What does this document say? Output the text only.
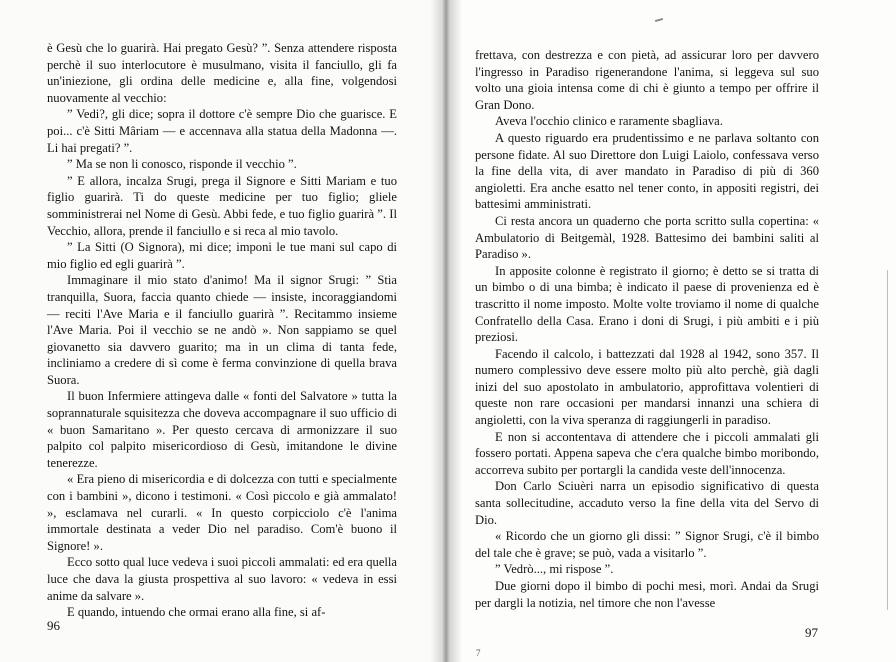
è Gesù che lo guarirà. Hai pregato Gesù? ”. Senza attendere risposta perchè il suo interlocutore è musulmano, visita il fanciullo, gli fa un'iniezione, gli ordina delle medicine e, alla fine, volgendosi nuovamente al vecchio:

” Vedi?, gli dice; sopra il dottore c'è sempre Dio che guarisce. E poi... c'è Sitti Mâriam — e accennava alla statua della Madonna —. Li hai pregati? ”.

” Ma se non li conosco, risponde il vecchio ”.

” E allora, incalza Srugi, prega il Signore e Sitti Mariam e tuo figlio guarirà. Ti do queste medicine per tuo figlio; gliele somministrerai nel Nome di Gesù. Abbi fede, e tuo figlio guarirà ”. Il Vecchio, allora, prende il fanciullo e si reca al mio tavolo.

” La Sitti (O Signora), mi dice; imponi le tue mani sul capo di mio figlio ed egli guarirà ”.

Immaginare il mio stato d'animo! Ma il signor Srugi: ” Stia tranquilla, Suora, faccia quanto chiede — insiste, incoraggiandomi — reciti l'Ave Maria e il fanciullo guarirà ”. Recitammo insieme l'Ave Maria. Poi il vecchio se ne andò ». Non sappiamo se quel giovanetto sia davvero guarito; ma in un clima di tanta fede, incliniamo a credere di sì come è ferma convinzione di quella brava Suora.

Il buon Infermiere attingeva dalle « fonti del Salvatore » tutta la soprannaturale squisitezza che doveva accompagnare il suo ufficio di « buon Samaritano ». Per questo cercava di armonizzare il suo palpito col palpito misericordioso di Gesù, imitandone le divine tenerezze.

« Era pieno di misericordia e di dolcezza con tutti e specialmente con i bambini », dicono i testimoni. « Così piccolo e già ammalato! », esclamava nel curarli. « In questo corpicciolo c'è l'anima immortale destinata a veder Dio nel paradiso. Com'è buono il Signore! ».

Ecco sotto qual luce vedeva i suoi piccoli ammalati: ed era quella luce che dava la giusta prospettiva al suo lavoro: « vedeva in essi anime da salvare ».

E quando, intuendo che ormai erano alla fine, si af-

96

frettava, con destrezza e con pietà, ad assicurar loro per davvero l'ingresso in Paradiso rigenerandone l'anima, si leggeva sul suo volto una gioia intensa come di chi è giunto a tempo per offrire il Gran Dono.

Aveva l'occhio clinico e raramente sbagliava.

A questo riguardo era prudentissimo e ne parlava soltanto con persone fidate. Al suo Direttore don Luigi Laiolo, confessava verso la fine della vita, di aver mandato in Paradiso di più di 360 angioletti. Era anche esatto nel tener conto, in appositi registri, dei battesimi amministrati.

Ci resta ancora un quaderno che porta scritto sulla copertina: « Ambulatorio di Beitgemàl, 1928. Battesimo dei bambini saliti al Paradiso ».

In apposite colonne è registrato il giorno; è detto se si tratta di un bimbo o di una bimba; è indicato il paese di provenienza ed è trascritto il nome imposto. Molte volte troviamo il nome di qualche Confratello della Casa. Erano i doni di Srugi, i più ambiti e i più preziosi.

Facendo il calcolo, i battezzati dal 1928 al 1942, sono 357. Il numero complessivo deve essere molto più alto perchè, già dagli inizi del suo apostolato in ambulatorio, approfittava volentieri di queste non rare occasioni per mandarsi innanzi una schiera di angioletti, con la viva speranza di raggiungerli in paradiso.

E non si accontentava di attendere che i piccoli ammalati gli fossero portati. Appena sapeva che c'era qualche bimbo moribondo, accorreva subito per portargli la candida veste dell'innocenza.

Don Carlo Sciuèri narra un episodio significativo di questa santa sollecitudine, accaduto verso la fine della vita del Servo di Dio.

« Ricordo che un giorno gli dissi: ” Signor Srugi, c'è il bimbo del tale che è grave; se può, vada a visitarlo ”.

” Vedrò..., mi rispose ”.

Due giorni dopo il bimbo di pochi mesi, morì. Andai da Srugi per dargli la notizia, nel timore che non l'avesse

97
7
